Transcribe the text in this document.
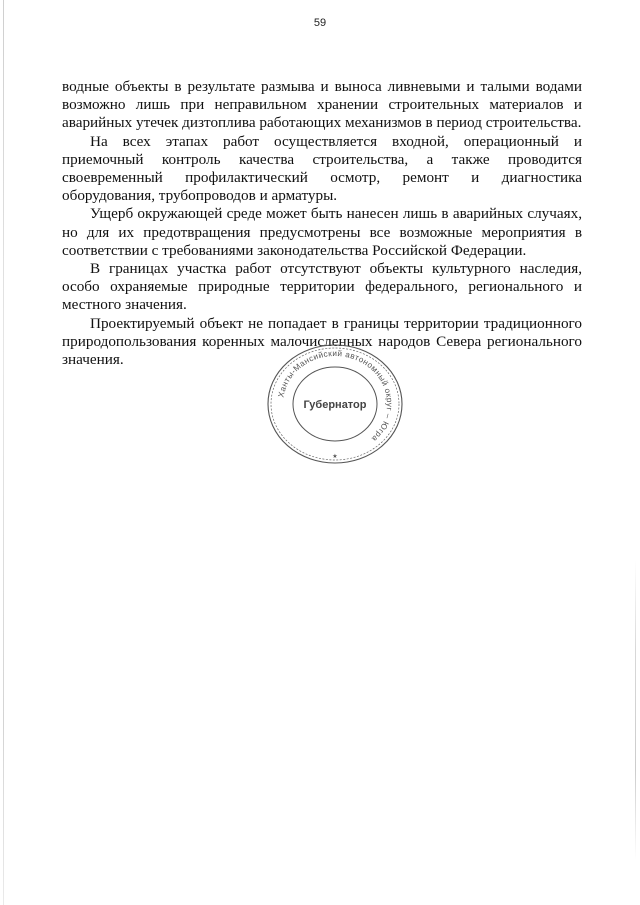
59

водные объекты в результате размыва и выноса ливневыми и талыми водами возможно лишь при неправильном хранении строительных материалов и аварийных утечек дизтоплива работающих механизмов в период строительства.

На всех этапах работ осуществляется входной, операционный и приемочный контроль качества строительства, а также проводится своевременный профилактический осмотр, ремонт и диагностика оборудования, трубопроводов и арматуры.

Ущерб окружающей среде может быть нанесен лишь в аварийных случаях, но для их предотвращения предусмотрены все возможные мероприятия в соответствии с требованиями законодательства Российской Федерации.

В границах участка работ отсутствуют объекты культурного наследия, особо охраняемые природные территории федерального, регионального и местного значения.

Проектируемый объект не попадает в границы территории традиционного природопользования коренных малочисленных народов Севера регионального значения.

Ханты-Мансийский автономный округ – Югра
Губернатор
★
